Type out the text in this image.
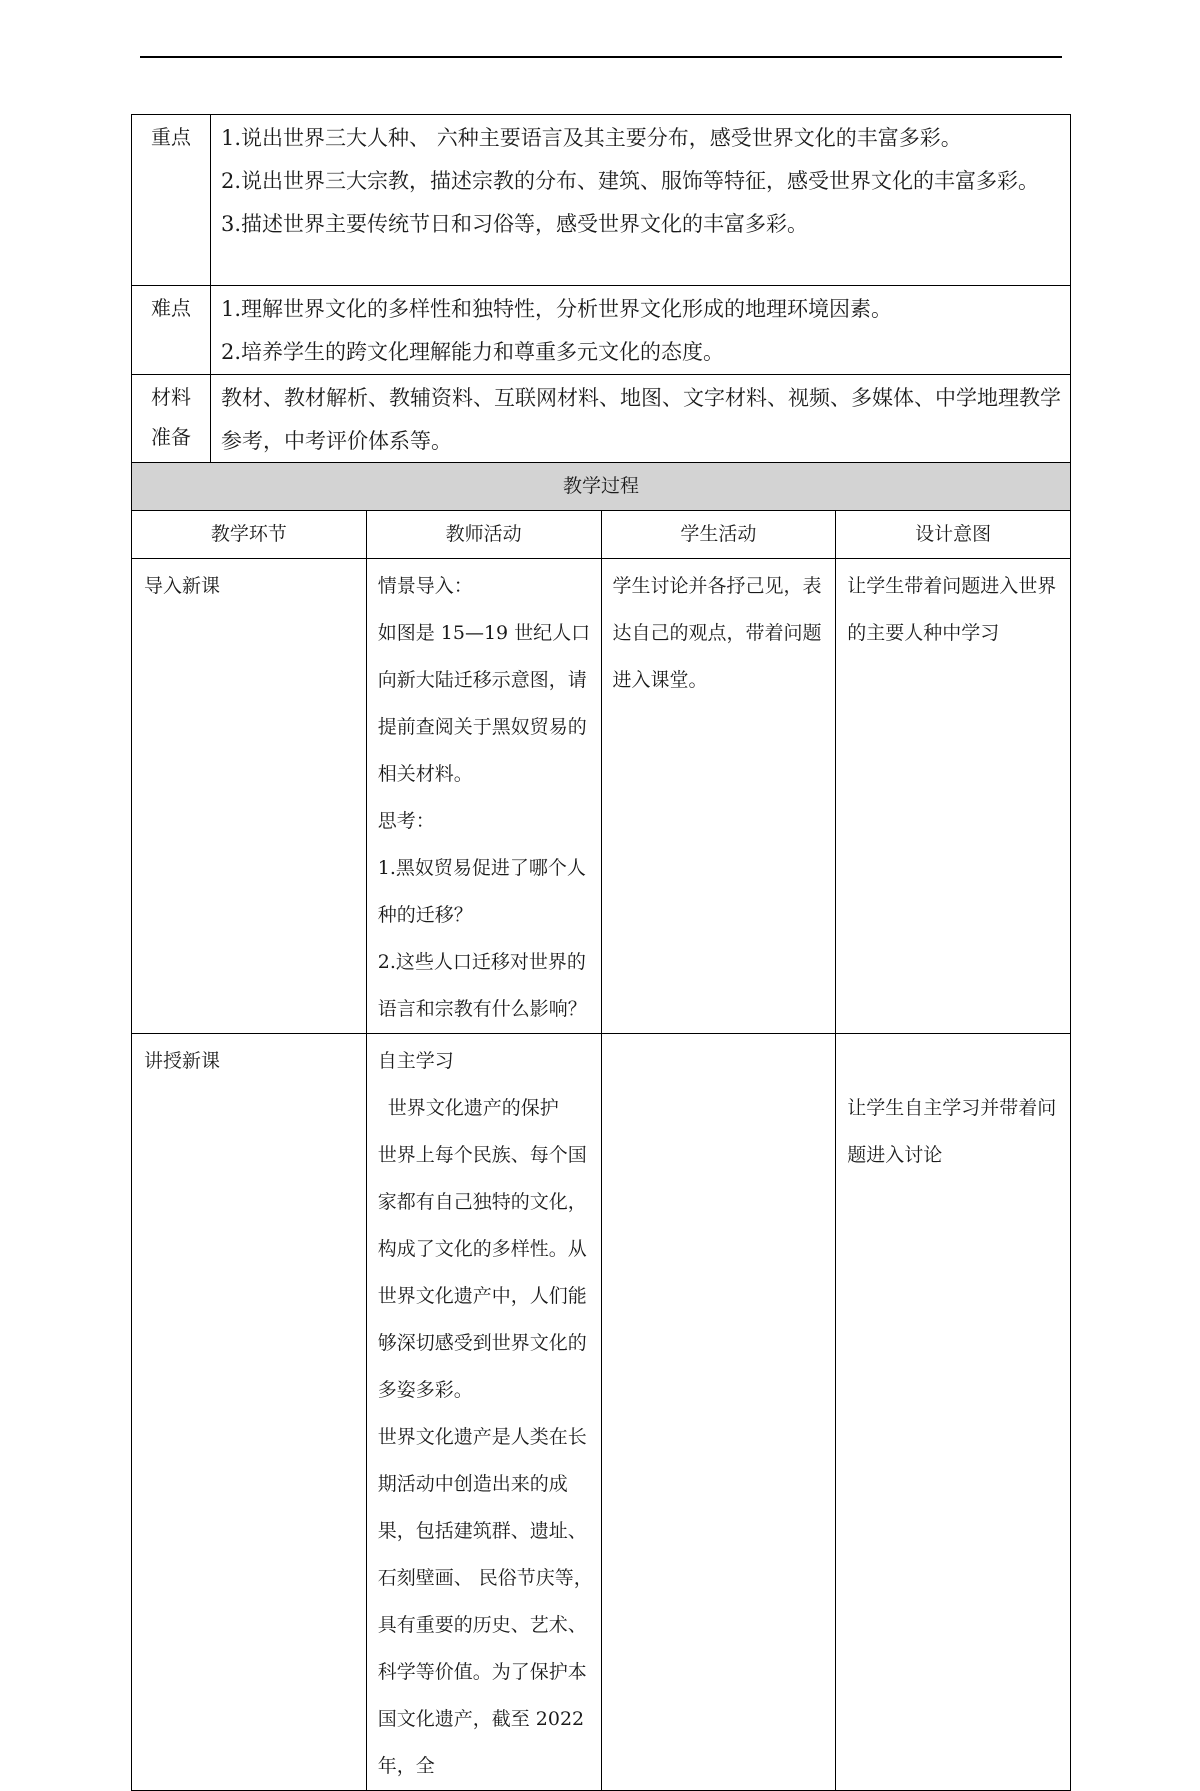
重点	1.说出世界三大人种、 六种主要语言及其主要分布，感受世界文化的丰富多彩。

2.说出世界三大宗教，描述宗教的分布、建筑、服饰等特征，感受世界文化的丰富多彩。

3.描述世界主要传统节日和习俗等，感受世界文化的丰富多彩。

难点	1.理解世界文化的多样性和独特性，分析世界文化形成的地理环境因素。

2.培养学生的跨文化理解能力和尊重多元文化的态度。

材料
准备	教材、教材解析、教辅资料、互联网材料、地图、文字材料、视频、多媒体、中学地理教学参考，中考评价体系等。

教学过程			
教学环节	教师活动	学生活动	设计意图
导入新课	情景导入：

如图是 15—19 世纪人口向新大陆迁移示意图，请提前查阅关于黑奴贸易的相关材料。

思考：

1.黑奴贸易促进了哪个人种的迁移？

2.这些人口迁移对世界的语言和宗教有什么影响？	学生讨论并各抒己见，表达自己的观点，带着问题进入课堂。	让学生带着问题进入世界的主要人种中学习
讲授新课	自主学习

世界文化遗产的保护

世界上每个民族、每个国家都有自己独特的文化，构成了文化的多样性。从世界文化遗产中，人们能够深切感受到世界文化的多姿多彩。

世界文化遗产是人类在长期活动中创造出来的成果，包括建筑群、遗址、石刻壁画、 民俗节庆等，具有重要的历史、艺术、科学等价值。为了保护本国文化遗产，截至 2022 年，全		让学生自主学习并带着问题进入讨论
